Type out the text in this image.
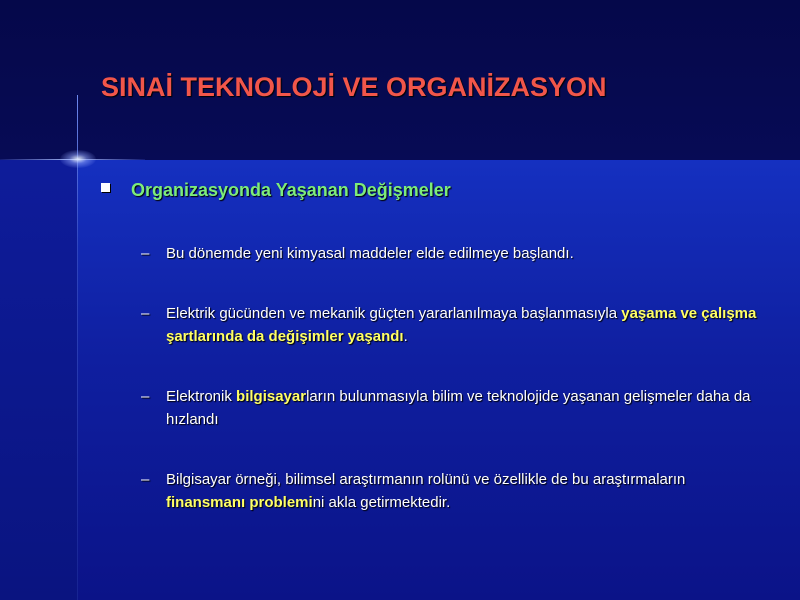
SINAİ TEKNOLOJİ VE ORGANİZASYON
Organizasyonda Yaşanan Değişmeler
– Bu dönemde yeni kimyasal maddeler elde edilmeye başlandı.
– Elektrik gücünden ve mekanik güçten yararlanılmaya başlanmasıyla yaşama ve çalışma şartlarında da değişimler yaşandı.
– Elektronik bilgisayarların bulunmasıyla bilim ve teknolojide yaşanan gelişmeler daha da hızlandı
– Bilgisayar örneği, bilimsel araştırmanın rolünü ve özellikle de bu araştırmaların finansmanı problemini akla getirmektedir.
